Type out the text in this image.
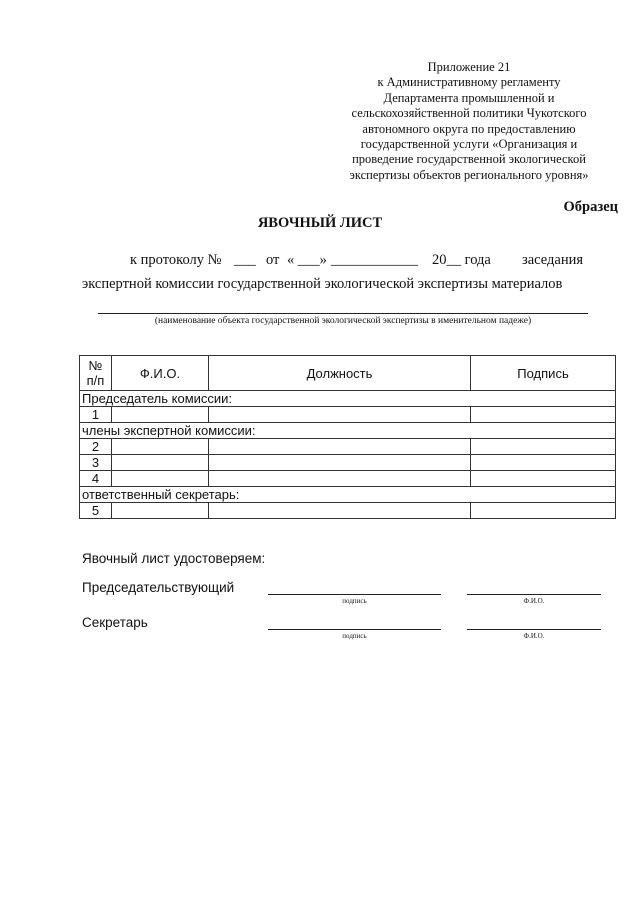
Приложение 21
к Административному регламенту
Департамента промышленной и
сельскохозяйственной политики Чукотского
автономного округа по предоставлению
государственной услуги «Организация и
проведение государственной экологической
экспертизы объектов регионального уровня»
Образец
ЯВОЧНЫЙ ЛИСТ
к протоколу № ___ от « ___» ____________ 20__ года заседания
экспертной комиссии государственной экологической экспертизы материалов
(наименование объекта государственной экологической экспертизы в именительном падеже)
№
п/п	Ф.И.О.	Должность	Подпись
Председатель комиссии:			
1			
члены экспертной комиссии:			
2			
3			
4			
ответственный секретарь:			
5			
Явочный лист удостоверяем:
Председательствующий
подпись	Ф.И.О.
Секретарь
подпись	Ф.И.О.
